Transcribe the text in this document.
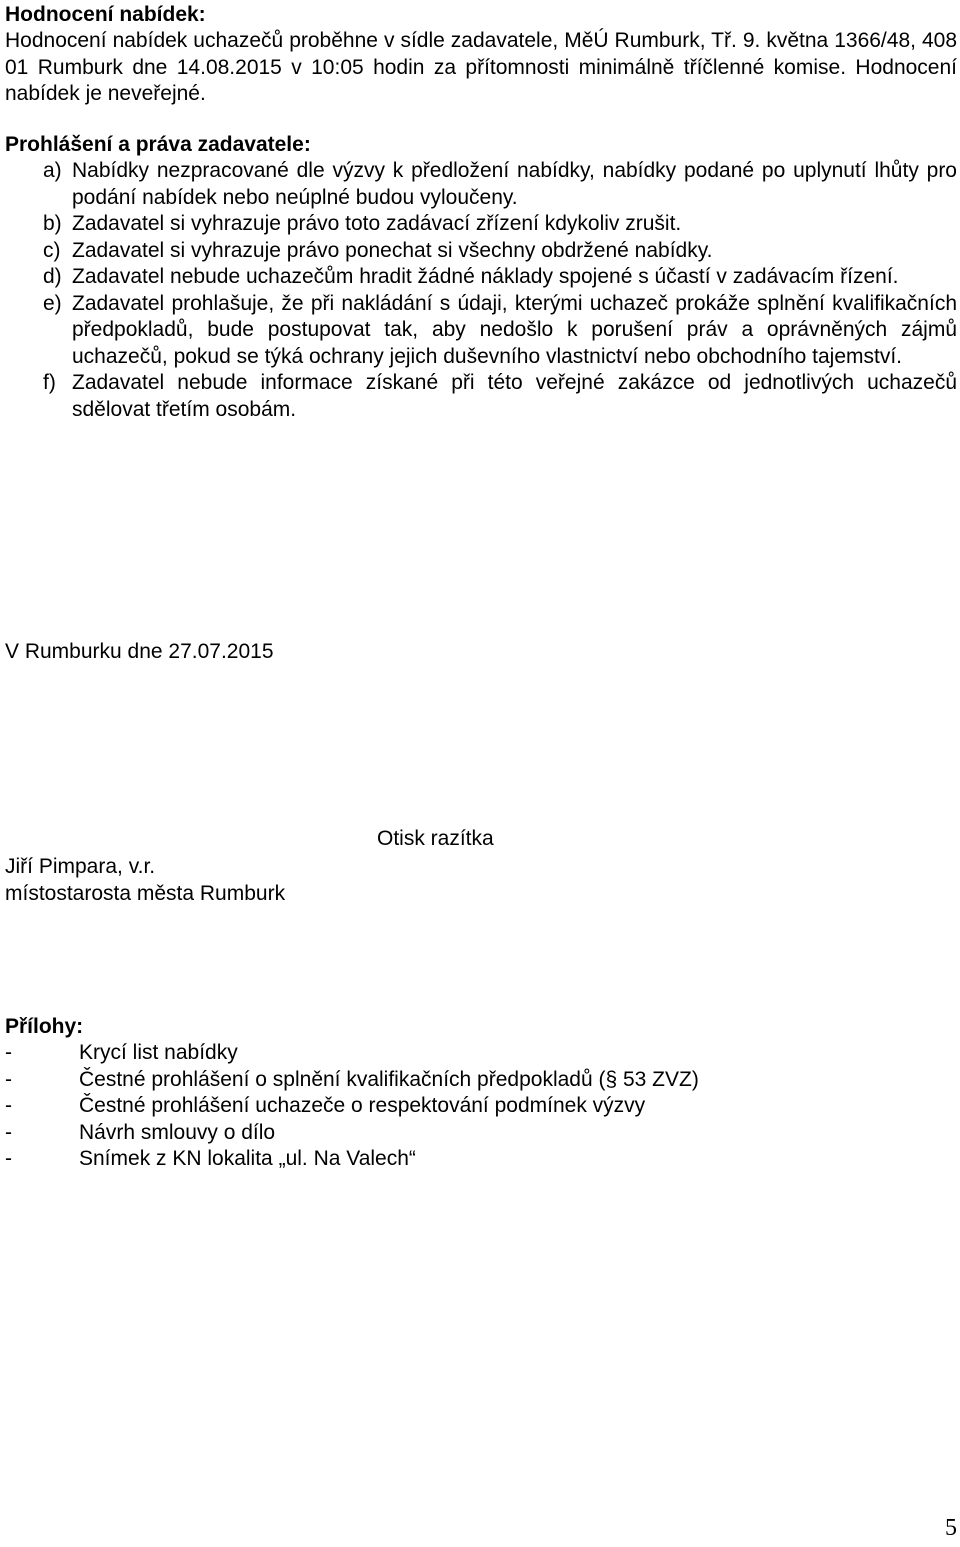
Hodnocení nabídek:

Hodnocení nabídek uchazečů proběhne v sídle zadavatele, MěÚ Rumburk, Tř. 9. května 1366/48, 408 01 Rumburk dne 14.08.2015 v 10:05 hodin za přítomnosti minimálně tříčlenné komise. Hodnocení nabídek je neveřejné.

Prohlášení a práva zadavatele:

a) Nabídky nezpracované dle výzvy k předložení nabídky, nabídky podané po uplynutí lhůty pro podání nabídek nebo neúplné budou vyloučeny.
b) Zadavatel si vyhrazuje právo toto zadávací zřízení kdykoliv zrušit.
c) Zadavatel si vyhrazuje právo ponechat si všechny obdržené nabídky.
d) Zadavatel nebude uchazečům hradit žádné náklady spojené s účastí v zadávacím řízení.
e) Zadavatel prohlašuje, že při nakládání s údaji, kterými uchazeč prokáže splnění kvalifikačních předpokladů, bude postupovat tak, aby nedošlo k porušení práv a oprávněných zájmů uchazečů, pokud se týká ochrany jejich duševního vlastnictví nebo obchodního tajemství.
f) Zadavatel nebude informace získané při této veřejné zakázce od jednotlivých uchazečů sdělovat třetím osobám.
V Rumburku dne 27.07.2015
Otisk razítka
Jiří Pimpara, v.r.
místostarosta města Rumburk

Přílohy:

-	Krycí list nabídky
-	Čestné prohlášení o splnění kvalifikačních předpokladů (§ 53 ZVZ)
-	Čestné prohlášení uchazeče o respektování podmínek výzvy
-	Návrh smlouvy o dílo
-	Snímek z KN lokalita „ul. Na Valech“
5
